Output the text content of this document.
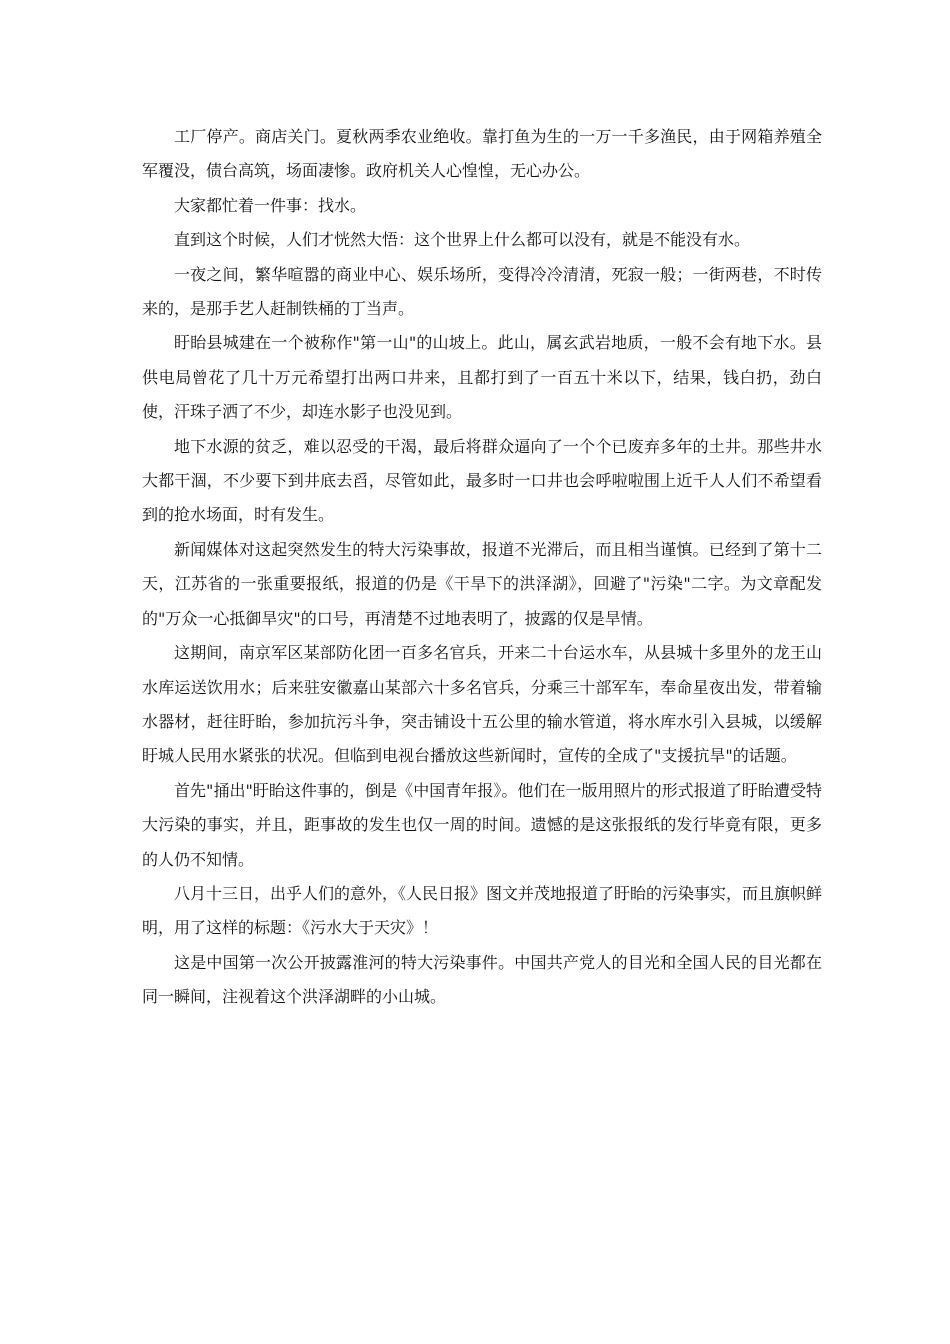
工厂停产。商店关门。夏秋两季农业绝收。靠打鱼为生的一万一千多渔民，由于网箱养殖全军覆没，债台高筑，场面凄惨。政府机关人心惶惶，无心办公。

大家都忙着一件事：找水。

直到这个时候，人们才恍然大悟：这个世界上什么都可以没有，就是不能没有水。

一夜之间，繁华喧嚣的商业中心、娱乐场所，变得冷冷清清，死寂一般；一街两巷，不时传来的，是那手艺人赶制铁桶的丁当声。

盱眙县城建在一个被称作"第一山"的山坡上。此山，属玄武岩地质，一般不会有地下水。县供电局曾花了几十万元希望打出两口井来，且都打到了一百五十米以下，结果，钱白扔，劲白使，汗珠子洒了不少，却连水影子也没见到。

地下水源的贫乏，难以忍受的干渴，最后将群众逼向了一个个已废弃多年的土井。那些井水大都干涸，不少要下到井底去舀，尽管如此，最多时一口井也会呼啦啦围上近千人人们不希望看到的抢水场面，时有发生。

新闻媒体对这起突然发生的特大污染事故，报道不光滞后，而且相当谨慎。已经到了第十二天，江苏省的一张重要报纸，报道的仍是《干旱下的洪泽湖》，回避了"污染"二字。为文章配发的"万众一心抵御旱灾"的口号，再清楚不过地表明了，披露的仅是旱情。

这期间，南京军区某部防化团一百多名官兵，开来二十台运水车，从县城十多里外的龙王山水库运送饮用水；后来驻安徽嘉山某部六十多名官兵，分乘三十部军车，奉命星夜出发，带着输水器材，赶往盱眙，参加抗污斗争，突击铺设十五公里的输水管道，将水库水引入县城，以缓解盱城人民用水紧张的状况。但临到电视台播放这些新闻时，宣传的全成了"支援抗旱"的话题。

首先"捅出"盱眙这件事的，倒是《中国青年报》。他们在一版用照片的形式报道了盱眙遭受特大污染的事实，并且，距事故的发生也仅一周的时间。遗憾的是这张报纸的发行毕竟有限，更多的人仍不知情。

八月十三日，出乎人们的意外，《人民日报》图文并茂地报道了盱眙的污染事实，而且旗帜鲜明，用了这样的标题：《污水大于天灾》！

这是中国第一次公开披露淮河的特大污染事件。中国共产党人的目光和全国人民的目光都在同一瞬间，注视着这个洪泽湖畔的小山城。
